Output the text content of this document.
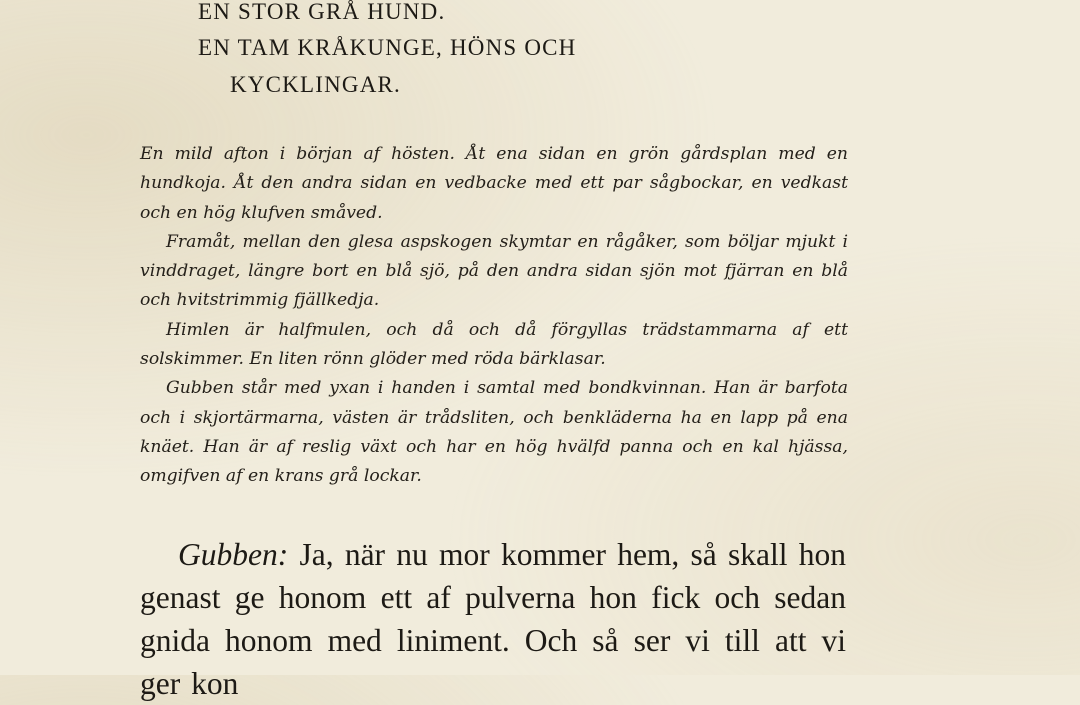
EN STOR GRÅ HUND.
EN TAM KRÅKUNGE, HÖNS OCH
KYCKLINGAR.

En mild afton i början af hösten. Åt ena sidan en grön gårdsplan med en hundkoja. Åt den andra sidan en vedbacke med ett par sågbockar, en vedkast och en hög klufven småved.

Framåt, mellan den glesa aspskogen skymtar en rågåker, som böljar mjukt i vinddraget, längre bort en blå sjö, på den andra sidan sjön mot fjärran en blå och hvitstrimmig fjällkedja.

Himlen är halfmulen, och då och då förgyllas trädstammarna af ett solskimmer. En liten rönn glöder med röda bärklasar.

Gubben står med yxan i handen i samtal med bondkvinnan. Han är barfota och i skjortärmarna, västen är trådsliten, och benkläderna ha en lapp på ena knäet. Han är af reslig växt och har en hög hvälfd panna och en kal hjässa, omgifven af en krans grå lockar.

Gubben: Ja, när nu mor kommer hem, så skall hon genast ge honom ett af pulverna hon fick och sedan gnida honom med liniment. Och så ser vi till att vi ger kon
